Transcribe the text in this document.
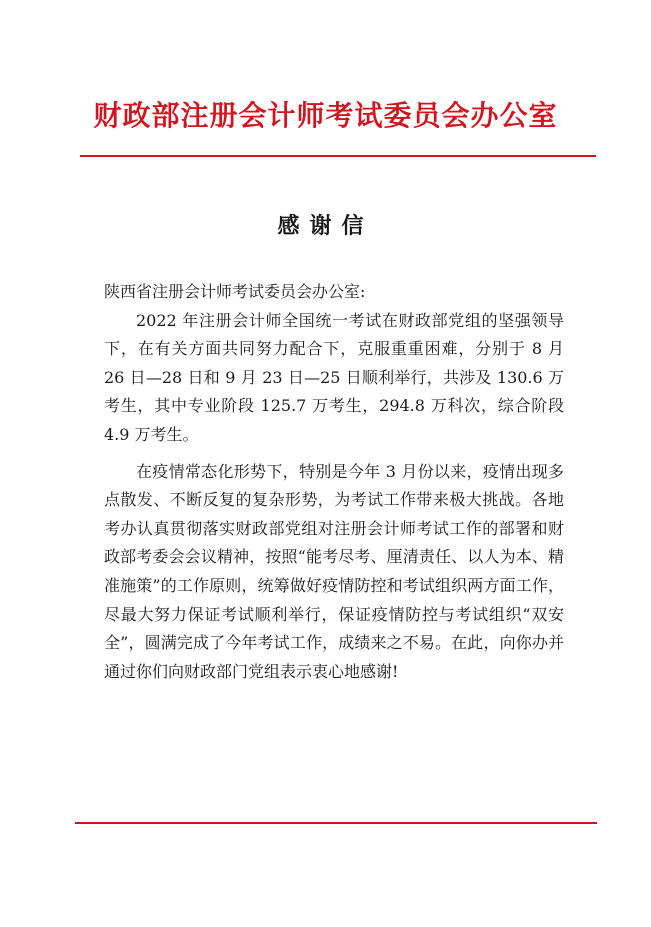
财政部注册会计师考试委员会办公室
感谢信

陕西省注册会计师考试委员会办公室:

2022 年注册会计师全国统一考试在财政部党组的坚强领导下，在有关方面共同努力配合下，克服重重困难，分别于 8 月 26 日—28 日和 9 月 23 日—25 日顺利举行，共涉及 130.6 万考生，其中专业阶段 125.7 万考生，294.8 万科次，综合阶段 4.9 万考生。

在疫情常态化形势下，特别是今年 3 月份以来，疫情出现多点散发、不断反复的复杂形势，为考试工作带来极大挑战。各地考办认真贯彻落实财政部党组对注册会计师考试工作的部署和财政部考委会会议精神，按照“能考尽考、厘清责任、以人为本、精准施策”的工作原则，统筹做好疫情防控和考试组织两方面工作，尽最大努力保证考试顺利举行，保证疫情防控与考试组织“双安全”，圆满完成了今年考试工作，成绩来之不易。在此，向你办并通过你们向财政部门党组表示衷心地感谢!
